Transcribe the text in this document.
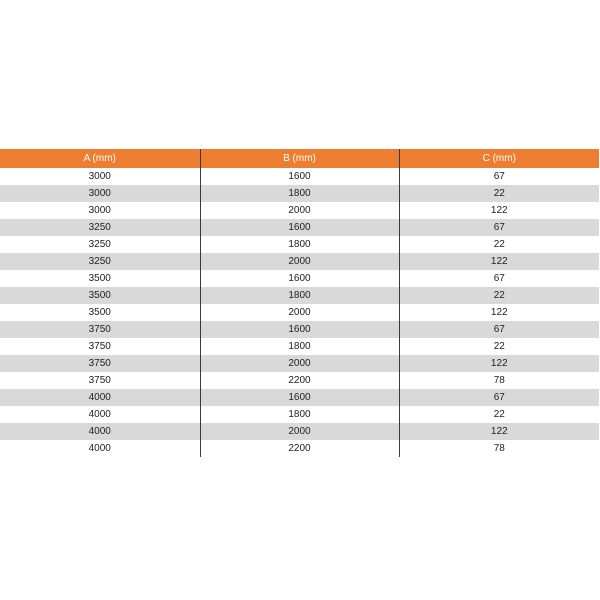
A (mm)	B (mm)	C (mm)
3000	1600	67
3000	1800	22
3000	2000	122
3250	1600	67
3250	1800	22
3250	2000	122
3500	1600	67
3500	1800	22
3500	2000	122
3750	1600	67
3750	1800	22
3750	2000	122
3750	2200	78
4000	1600	67
4000	1800	22
4000	2000	122
4000	2200	78
